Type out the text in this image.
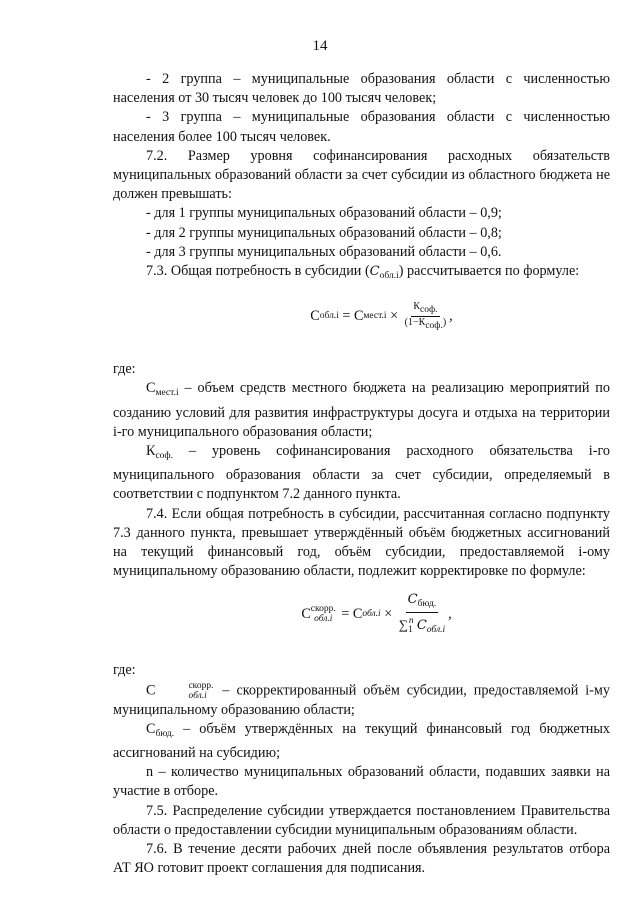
14

- 2 группа – муниципальные образования области с численностью населения от 30 тысяч человек до 100 тысяч человек;

- 3 группа – муниципальные образования области с численностью населения более 100 тысяч человек.

7.2. Размер уровня софинансирования расходных обязательств муниципальных образований области за счет субсидии из областного бюджета не должен превышать:

- для 1 группы муниципальных образований области – 0,9;

- для 2 группы муниципальных образований области – 0,8;

- для 3 группы муниципальных образований области – 0,6.

7.3. Общая потребность в субсидии $(C_{обл.i})$ рассчитывается по формуле:

С обл.i = С мест.i × $\frac{\text{Ксоф.}}{\text{(1−Ксоф.)}}$ ,

где:

$С_{мест.i}$ – объем средств местного бюджета на реализацию мероприятий по созданию условий для развития инфраструктуры досуга и отдыха на территории i-го муниципального образования области;

$К_{соф.}$ – уровень софинансирования расходного обязательства i-го муниципального образования области за счет субсидии, определяемый в соответствии с подпунктом 7.2 данного пункта.

7.4. Если общая потребность в субсидии, рассчитанная согласно подпункту 7.3 данного пункта, превышает утверждённый объём бюджетных ассигнований на текущий финансовый год, объём субсидии, предоставляемой i-ому муниципальному образованию области, подлежит корректировке по формуле:

С скорр.
обл.i = С $обл.i \times \frac{C_{бюд.}}{\sum_1^n C_{обл.i}}$ ,

где:

С	скорр.
обл.i – скорректированный объём субсидии, предоставляемой i-му муниципальному образованию области;

$С_{бюд.}$ – объём утверждённых на текущий финансовый год бюджетных ассигнований на субсидию;

n – количество муниципальных образований области, подавших заявки на участие в отборе.

7.5. Распределение субсидии утверждается постановлением Правительства области о предоставлении субсидии муниципальным образованиям области.

7.6. В течение десяти рабочих дней после объявления результатов отбора АТ ЯО готовит проект соглашения для подписания.
